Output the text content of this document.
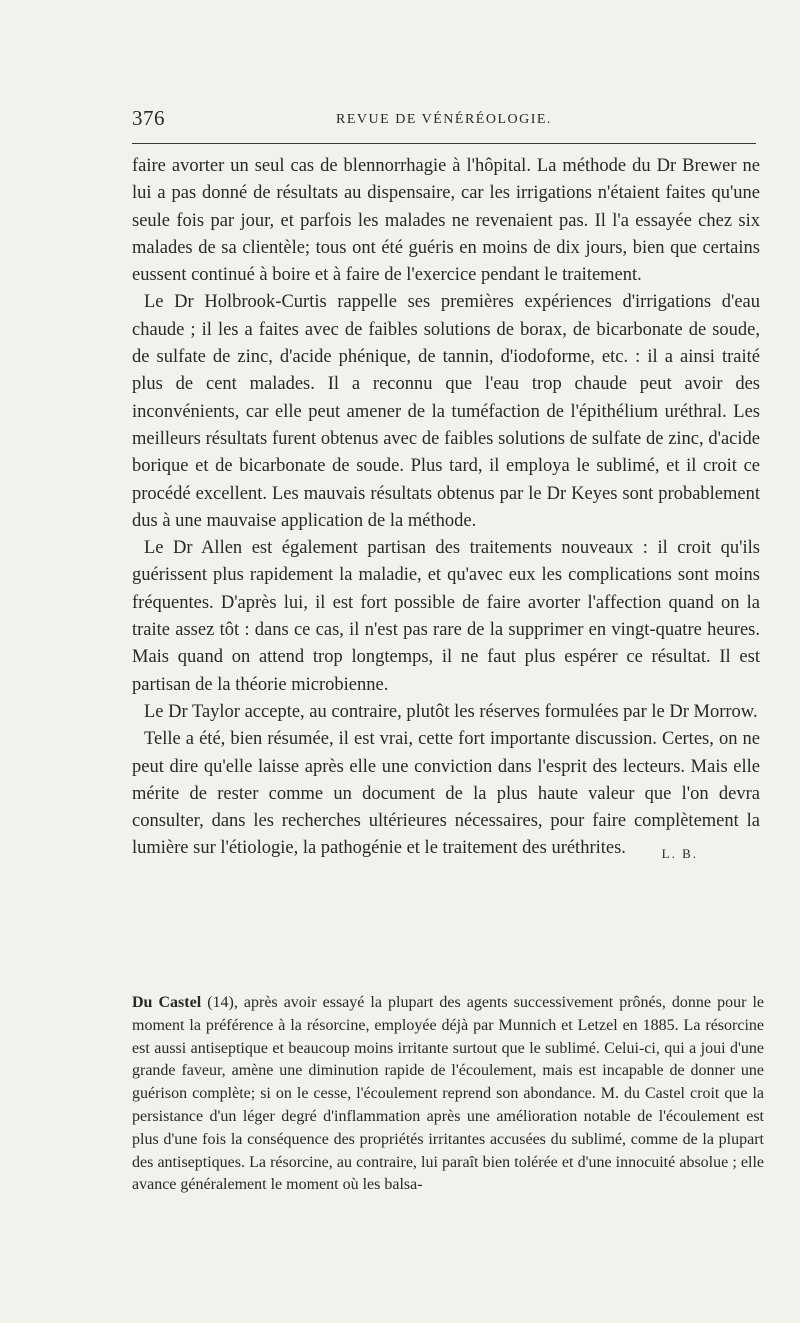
376	REVUE DE VÉNÉRÉOLOGIE.

faire avorter un seul cas de blennorrhagie à l'hôpital. La méthode du Dr Brewer ne lui a pas donné de résultats au dispensaire, car les irrigations n'étaient faites qu'une seule fois par jour, et parfois les malades ne revenaient pas. Il l'a essayée chez six malades de sa clientèle; tous ont été guéris en moins de dix jours, bien que certains eussent continué à boire et à faire de l'exercice pendant le traitement.

Le Dr Holbrook-Curtis rappelle ses premières expériences d'irrigations d'eau chaude ; il les a faites avec de faibles solutions de borax, de bicarbonate de soude, de sulfate de zinc, d'acide phénique, de tannin, d'iodoforme, etc. : il a ainsi traité plus de cent malades. Il a reconnu que l'eau trop chaude peut avoir des inconvénients, car elle peut amener de la tuméfaction de l'épithélium uréthral. Les meilleurs résultats furent obtenus avec de faibles solutions de sulfate de zinc, d'acide borique et de bicarbonate de soude. Plus tard, il employa le sublimé, et il croit ce procédé excellent. Les mauvais résultats obtenus par le Dr Keyes sont probablement dus à une mauvaise application de la méthode.

Le Dr Allen est également partisan des traitements nouveaux : il croit qu'ils guérissent plus rapidement la maladie, et qu'avec eux les complications sont moins fréquentes. D'après lui, il est fort possible de faire avorter l'affection quand on la traite assez tôt : dans ce cas, il n'est pas rare de la supprimer en vingt-quatre heures. Mais quand on attend trop longtemps, il ne faut plus espérer ce résultat. Il est partisan de la théorie microbienne.

Le Dr Taylor accepte, au contraire, plutôt les réserves formulées par le Dr Morrow.

Telle a été, bien résumée, il est vrai, cette fort importante discussion. Certes, on ne peut dire qu'elle laisse après elle une conviction dans l'esprit des lecteurs. Mais elle mérite de rester comme un document de la plus haute valeur que l'on devra consulter, dans les recherches ultérieures nécessaires, pour faire complètement la lumière sur l'étiologie, la pathogénie et le traitement des uréthrites.	L. B.

Du Castel (14), après avoir essayé la plupart des agents successivement prônés, donne pour le moment la préférence à la résorcine, employée déjà par Munnich et Letzel en 1885. La résorcine est aussi antiseptique et beaucoup moins irritante surtout que le sublimé. Celui-ci, qui a joui d'une grande faveur, amène une diminution rapide de l'écoulement, mais est incapable de donner une guérison complète; si on le cesse, l'écoulement reprend son abondance. M. du Castel croit que la persistance d'un léger degré d'inflammation après une amélioration notable de l'écoulement est plus d'une fois la conséquence des propriétés irritantes accusées du sublimé, comme de la plupart des antiseptiques. La résorcine, au contraire, lui paraît bien tolérée et d'une innocuité absolue ; elle avance généralement le moment où les balsa-
